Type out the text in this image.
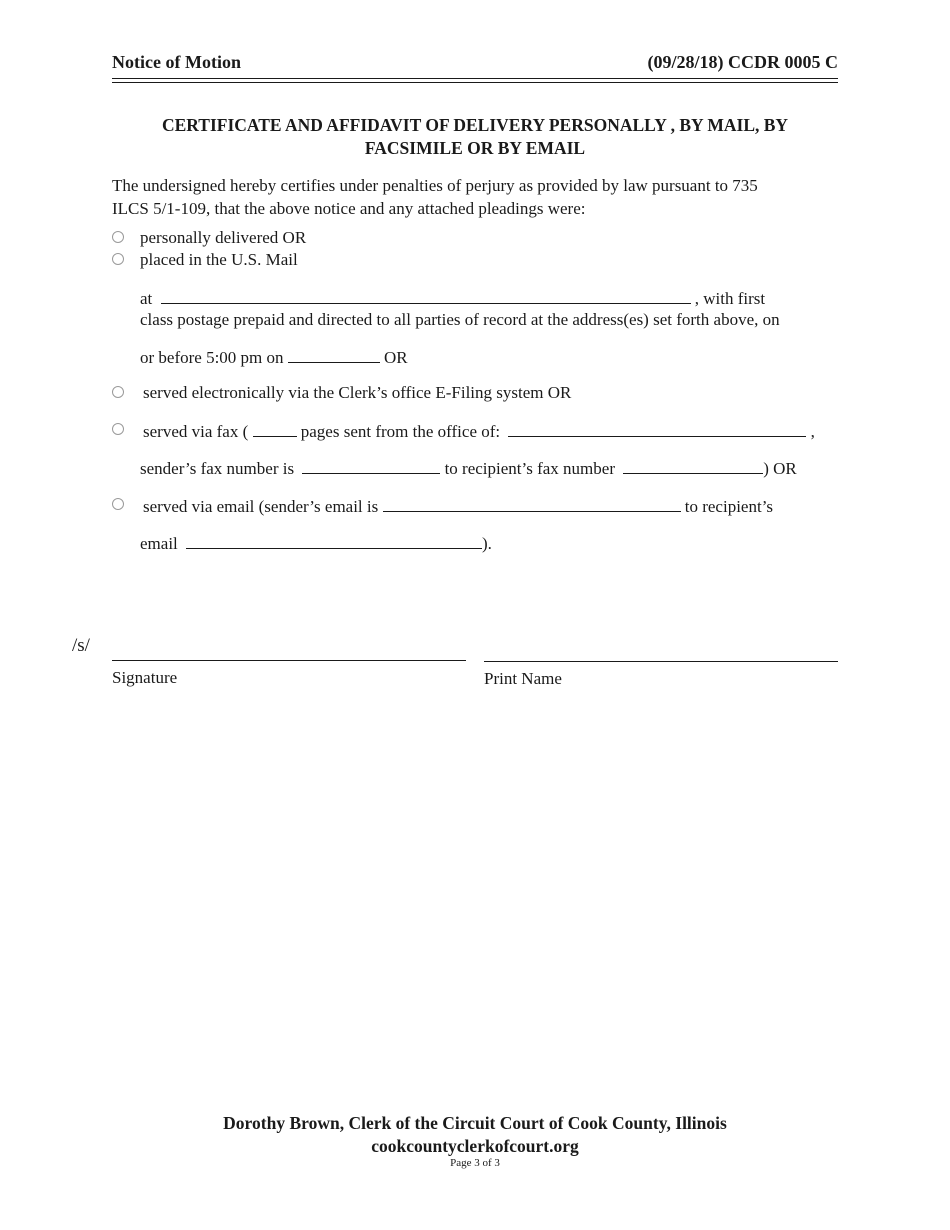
Notice of Motion	(09/28/18) CCDR 0005 C
CERTIFICATE AND AFFIDAVIT OF DELIVERY PERSONALLY , BY MAIL, BY
FACSIMILE OR BY EMAIL
The undersigned hereby certifies under penalties of perjury as provided by law pursuant to 735
ILCS 5/1-109, that the above notice and any attached pleadings were:
personally delivered OR
placed in the U.S. Mail
at	, with first
class postage prepaid and directed to all parties of record at the address(es) set forth above, on
or before 5:00 pm on	OR
served electronically via the Clerk’s office E-Filing system OR
served via fax (	pages sent from the office of:	,
sender’s fax number is	to recipient’s fax number	) OR
served via email (sender’s email is	to recipient’s
email	).
/s/
Signature	Print Name
Dorothy Brown, Clerk of the Circuit Court of Cook County, Illinois
cookcountyclerkofcourt.org
Page 3 of 3
